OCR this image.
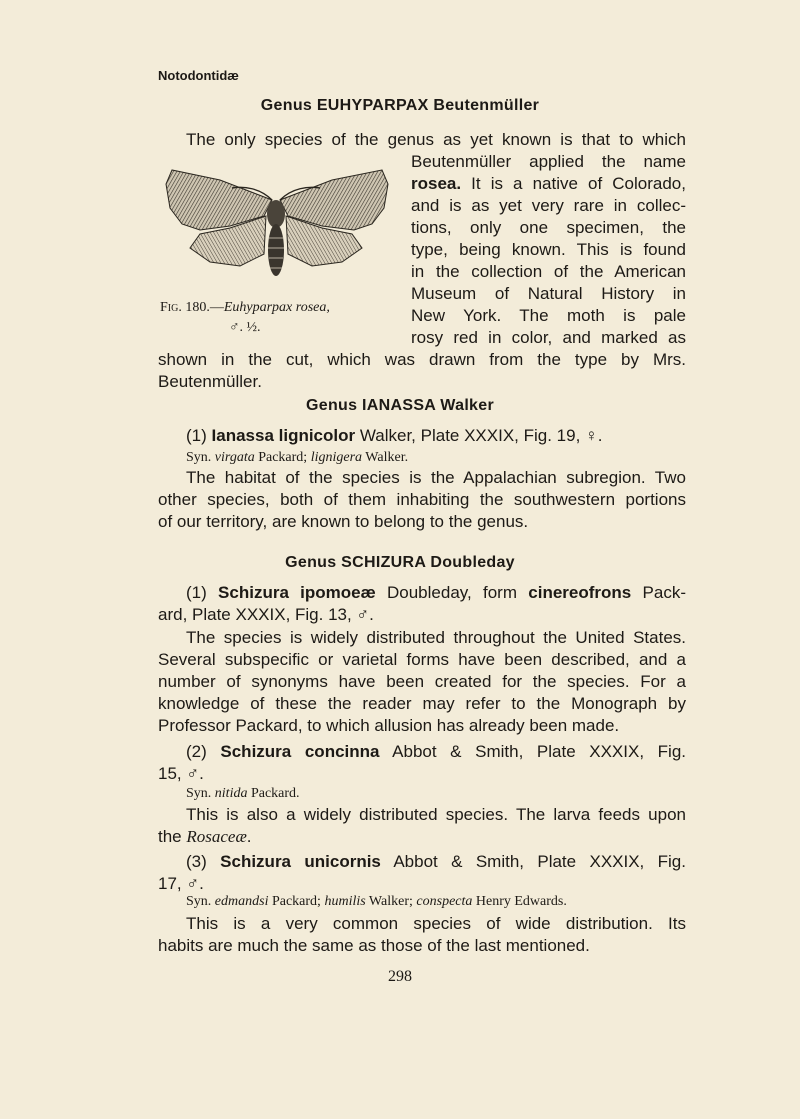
Notodontidæ
Genus EUHYPARPAX Beutenmüller
The only species of the genus as yet known is that to which
Fig. 180.—Euhyparpax rosea,
♂. ½.
Beutenmüller applied the name
rosea. It is a native of Colorado,
and is as yet very rare in collec-
tions, only one specimen, the
type, being known. This is found
in the collection of the American
Museum of Natural History in
New York. The moth is pale
rosy red in color, and marked as
shown in the cut, which was drawn from the type by Mrs.
Beutenmüller.
Genus IANASSA Walker
(1) Ianassa lignicolor Walker, Plate XXXIX, Fig. 19, ♀.
Syn. virgata Packard; lignigera Walker.
The habitat of the species is the Appalachian subregion. Two
other species, both of them inhabiting the southwestern portions
of our territory, are known to belong to the genus.
Genus SCHIZURA Doubleday
(1) Schizura ipomoeæ Doubleday, form cinereofrons Pack-
ard, Plate XXXIX, Fig. 13, ♂.
The species is widely distributed throughout the United States.
Several subspecific or varietal forms have been described, and a
number of synonyms have been created for the species. For a
knowledge of these the reader may refer to the Monograph by
Professor Packard, to which allusion has already been made.
(2) Schizura concinna Abbot & Smith, Plate XXXIX, Fig.
15, ♂.
Syn. nitida Packard.
This is also a widely distributed species. The larva feeds upon
the Rosaceæ.
(3) Schizura unicornis Abbot & Smith, Plate XXXIX, Fig.
17, ♂.
Syn. edmandsi Packard; humilis Walker; conspecta Henry Edwards.
This is a very common species of wide distribution. Its
habits are much the same as those of the last mentioned.
298
